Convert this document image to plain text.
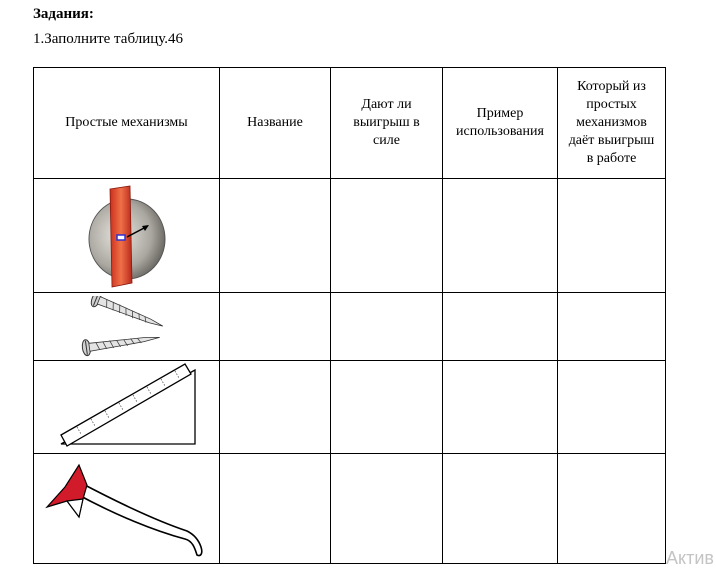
Задания:
1.Заполните таблицу.46
Простые механизмы	Название	Дают ли выигрыш в силе	Пример использования	Который из простых механизмов даёт выигрыш в работе

Актив
